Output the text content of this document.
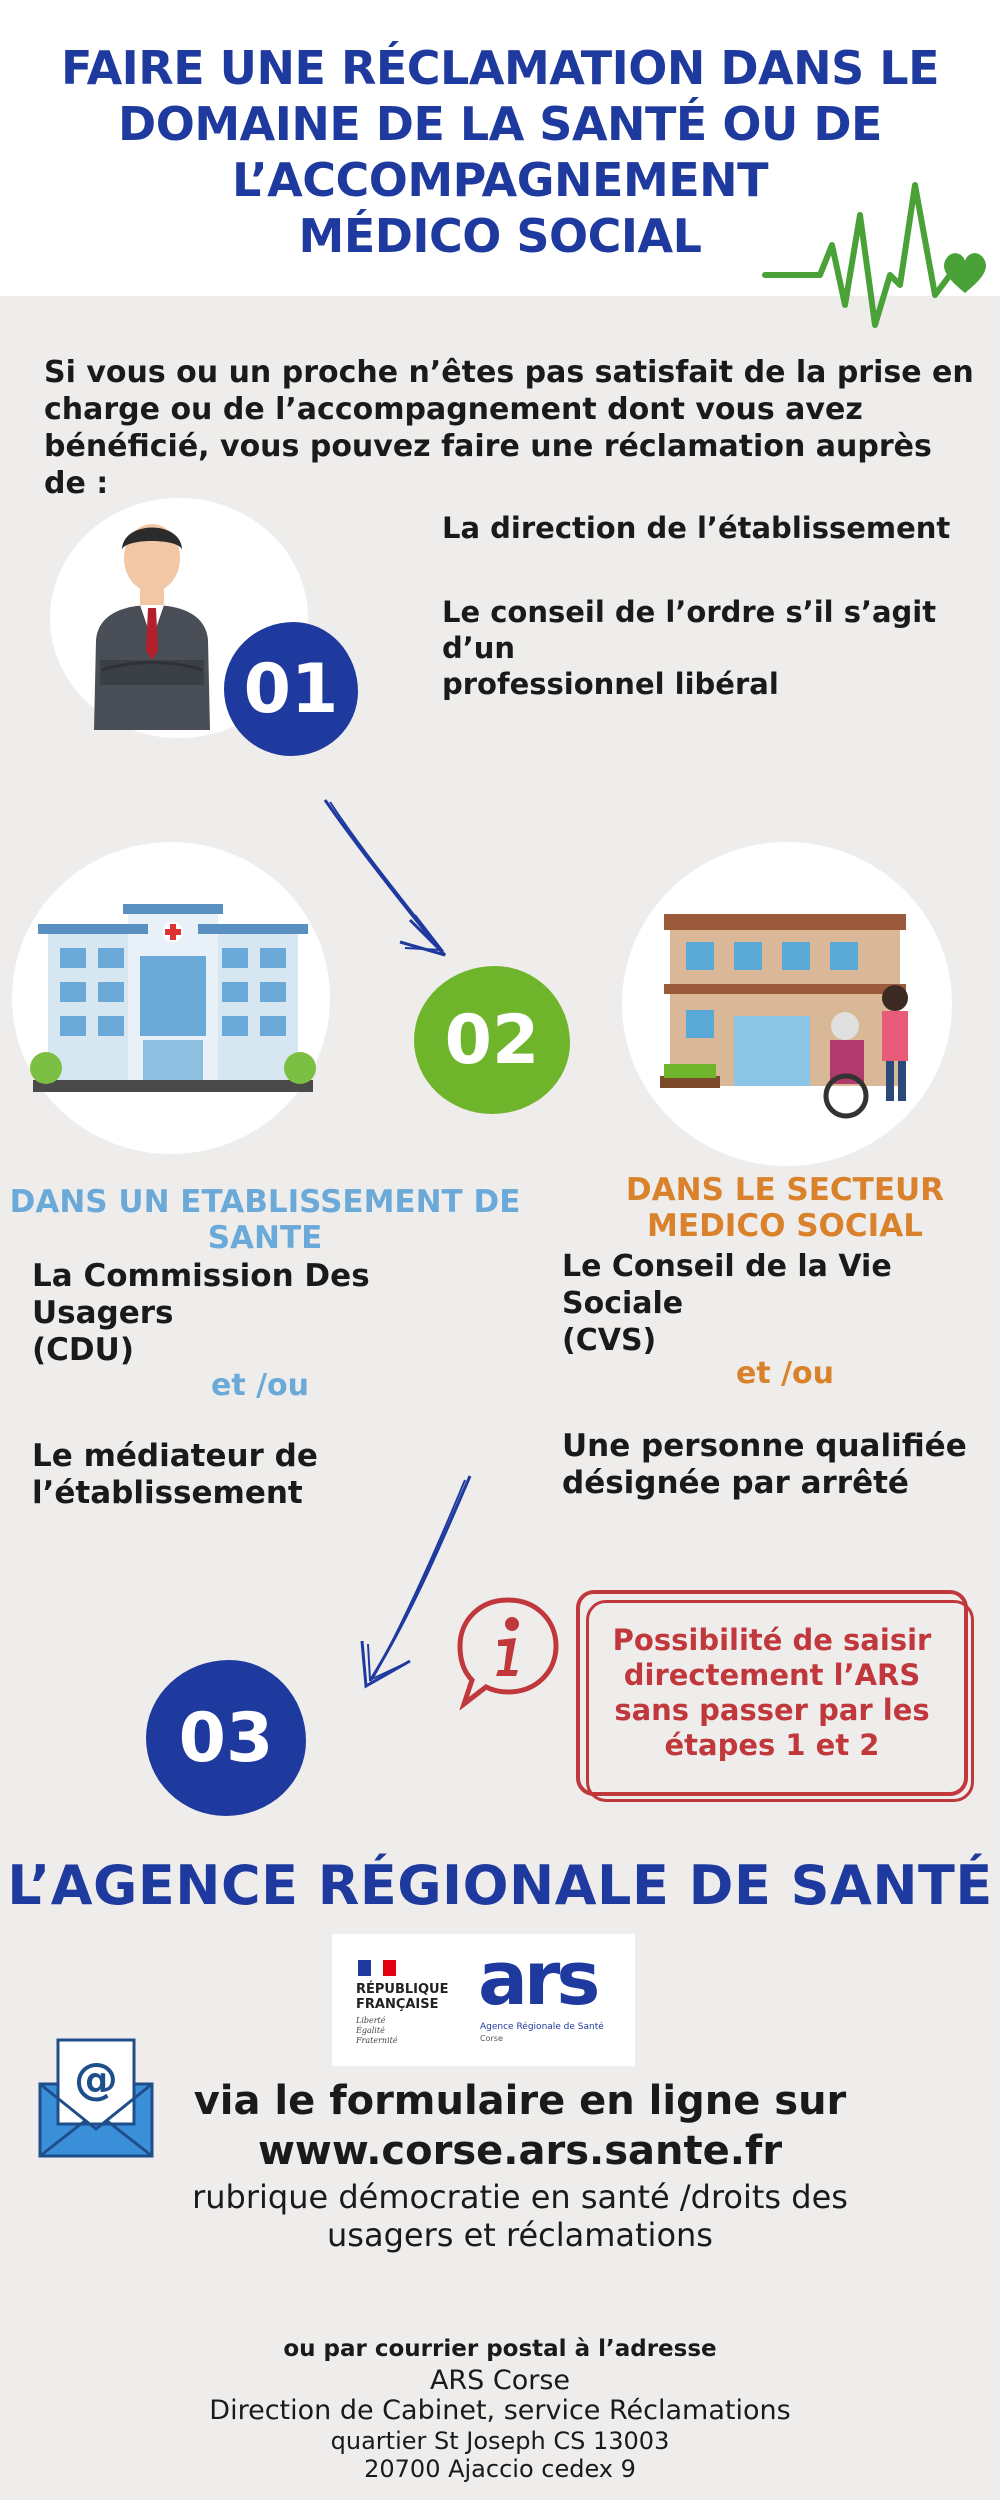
FAIRE UNE RÉCLAMATION DANS LE
DOMAINE DE LA SANTÉ OU DE
L’ACCOMPAGNEMENT
MÉDICO SOCIAL
Si vous ou un proche n’êtes pas satisfait de la prise en
charge ou de l’accompagnement dont vous avez
bénéficié, vous pouvez faire une réclamation auprès de :
01
La direction de l’établissement
Le conseil de l’ordre s’il s’agit d’un
professionnel libéral
02
DANS UN ETABLISSEMENT DE
SANTE
La Commission Des Usagers
(CDU)
et /ou
Le médiateur de
l’établissement
DANS LE SECTEUR
MEDICO SOCIAL
Le Conseil de la Vie Sociale
(CVS)
et /ou
Une personne qualifiée
désignée par arrêté
Possibilité de saisir
directement l’ARS
sans passer par les
étapes 1 et 2
03
L’AGENCE RÉGIONALE DE SANTÉ
RÉPUBLIQUE
FRANÇAISE
Liberté
Égalité
Fraternité
ars
Agence Régionale de Santé
Corse
@	via le formulaire en ligne sur
www.corse.ars.sante.fr
rubrique démocratie en santé /droits des
usagers et réclamations
ou par courrier postal à l’adresse
ARS Corse
Direction de Cabinet, service Réclamations
quartier St Joseph CS 13003
20700 Ajaccio cedex 9
